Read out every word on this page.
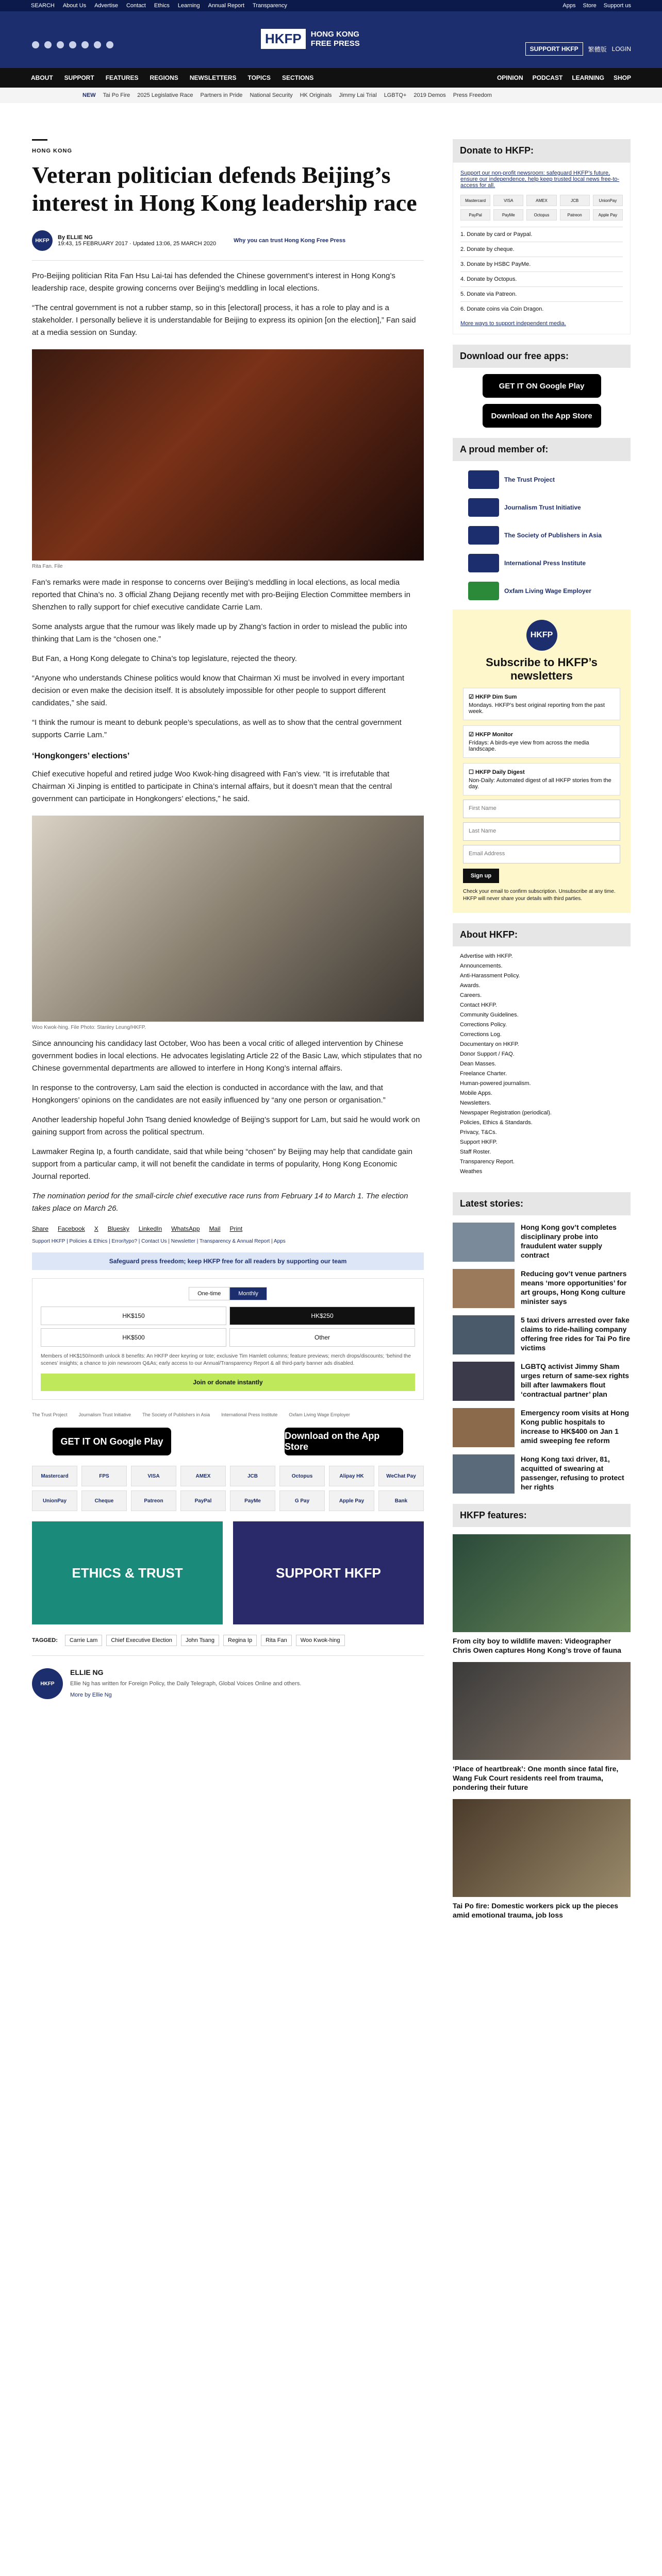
SEARCH About Us Advertise Contact Ethics Learning Annual Report Transparency	Apps Store Support us
HKFP	HONG KONG
FREE PRESS
SUPPORT HKFP	繁體版 LOGIN
ABOUT SUPPORT FEATURES REGIONS NEWSLETTERS TOPICS SECTIONS	OPINION PODCAST LEARNING SHOP
NEW Tai Po Fire 2025 Legislative Race Partners in Pride National Security HK Originals Jimmy Lai Trial LGBTQ+ 2019 Demos Press Freedom
HONG KONG
Veteran politician defends Beijing’s interest in Hong Kong leadership race
HKFP	By ELLIE NG
19:43, 15 FEBRUARY 2017 · Updated 13:06, 25 MARCH 2020	Why you can trust Hong Kong Free Press

Pro-Beijing politician Rita Fan Hsu Lai-tai has defended the Chinese government’s interest in Hong Kong’s leadership race, despite growing concerns over Beijing’s meddling in local elections.

“The central government is not a rubber stamp, so in this [electoral] process, it has a role to play and is a stakeholder. I personally believe it is understandable for Beijing to express its opinion [on the election],” Fan said at a media session on Sunday.

Rita Fan. File

Fan’s remarks were made in response to concerns over Beijing’s meddling in local elections, as local media reported that China’s no. 3 official Zhang Dejiang recently met with pro-Beijing Election Committee members in Shenzhen to rally support for chief executive candidate Carrie Lam.

Some analysts argue that the rumour was likely made up by Zhang’s faction in order to mislead the public into thinking that Lam is the “chosen one.”

But Fan, a Hong Kong delegate to China’s top legislature, rejected the theory.

“Anyone who understands Chinese politics would know that Chairman Xi must be involved in every important decision or even make the decision itself. It is absolutely impossible for other people to support different candidates,” she said.

“I think the rumour is meant to debunk people’s speculations, as well as to show that the central government supports Carrie Lam.”

‘Hongkongers’ elections’

Chief executive hopeful and retired judge Woo Kwok-hing disagreed with Fan’s view. “It is irrefutable that Chairman Xi Jinping is entitled to participate in China’s internal affairs, but it doesn’t mean that the central government can participate in Hongkongers’ elections,” he said.

Woo Kwok-hing. File Photo: Stanley Leung/HKFP.

Since announcing his candidacy last October, Woo has been a vocal critic of alleged intervention by Chinese government bodies in local elections. He advocates legislating Article 22 of the Basic Law, which stipulates that no Chinese governmental departments are allowed to interfere in Hong Kong’s internal affairs.

In response to the controversy, Lam said the election is conducted in accordance with the law, and that Hongkongers’ opinions on the candidates are not easily influenced by “any one person or organisation.”

Another leadership hopeful John Tsang denied knowledge of Beijing’s support for Lam, but said he would work on gaining support from across the political spectrum.

Lawmaker Regina Ip, a fourth candidate, said that while being “chosen” by Beijing may help that candidate gain support from a particular camp, it will not benefit the candidate in terms of popularity, Hong Kong Economic Journal reported.

The nomination period for the small-circle chief executive race runs from February 14 to March 1. The election takes place on March 26.

Share Facebook X Bluesky LinkedIn WhatsApp Mail Print
Support HKFP | Policies & Ethics | Error/typo? | Contact Us | Newsletter | Transparency & Annual Report | Apps
Safeguard press freedom; keep HKFP free for all readers by supporting our team
One-time	Monthly
HK$150	HK$250
HK$500	Other
Members of HK$150/month unlock 8 benefits: An HKFP deer keyring or tote; exclusive Tim Hamlett columns; feature previews; merch drops/discounts; ‘behind the scenes’ insights; a chance to join newsroom Q&As; early access to our Annual/Transparency Report & all third-party banner ads disabled.
Join or donate instantly
The Trust Project Journalism Trust Initiative The Society of Publishers in Asia International Press Institute Oxfam Living Wage Employer
GET IT ON Google Play
Download on the App Store
Mastercard	FPS	VISA	AMEX	JCB	Octopus	Alipay HK	WeChat Pay
UnionPay	Cheque	Patreon	PayPal	PayMe	G Pay	Apple Pay	Bank
ETHICS & TRUST	SUPPORT HKFP
TAGGED:	Carrie Lam	Chief Executive Election	John Tsang	Regina Ip	Rita Fan	Woo Kwok-hing
HKFP
ELLIE NG
Ellie Ng has written for Foreign Policy, the Daily Telegraph, Global Voices Online and others.
More by Ellie Ng
Donate to HKFP:
Support our non-profit newsroom: safeguard HKFP’s future, ensure our independence, help keep trusted local news free-to-access for all.
Mastercard	VISA	AMEX	JCB	UnionPay
PayPal	PayMe	Octopus	Patreon	Apple Pay
1. Donate by card or Paypal.
2. Donate by cheque.
3. Donate by HSBC PayMe.
4. Donate by Octopus.
5. Donate via Patreon.
6. Donate coins via Coin Dragon.
More ways to support independent media.
Download our free apps:
GET IT ON Google Play
Download on the App Store
A proud member of:
The Trust Project
Journalism Trust Initiative
The Society of Publishers in Asia
International Press Institute
Oxfam Living Wage Employer
HKFP
Subscribe to HKFP’s newsletters
☑ HKFP Dim Sum
Mondays. HKFP’s best original reporting from the past week.
☑ HKFP Monitor
Fridays: A birds-eye view from across the media landscape.
☐ HKFP Daily Digest
Non-Daily: Automated digest of all HKFP stories from the day.
First Name
Last Name
Email Address
Sign up
Check your email to confirm subscription. Unsubscribe at any time. HKFP will never share your details with third parties.
About HKFP:
Advertise with HKFP.
Announcements.
Anti-Harassment Policy.
Awards.
Careers.
Contact HKFP.
Community Guidelines.
Corrections Policy.
Corrections Log.
Documentary on HKFP.
Donor Support / FAQ.
Dean Masses.
Freelance Charter.
Human-powered journalism.
Mobile Apps.
Newsletters.
Newspaper Registration (periodical).
Policies, Ethics & Standards.
Privacy, T&Cs.
Support HKFP.
Staff Roster.
Transparency Report.
Weathes
Latest stories:
Hong Kong gov’t completes disciplinary probe into fraudulent water supply contract
Reducing gov’t venue partners means ‘more opportunities’ for art groups, Hong Kong culture minister says
5 taxi drivers arrested over fake claims to ride-hailing company offering free rides for Tai Po fire victims
LGBTQ activist Jimmy Sham urges return of same-sex rights bill after lawmakers flout ‘contractual partner’ plan
Emergency room visits at Hong Kong public hospitals to increase to HK$400 on Jan 1 amid sweeping fee reform
Hong Kong taxi driver, 81, acquitted of swearing at passenger, refusing to protect her rights
HKFP features:
From city boy to wildlife maven: Videographer Chris Owen captures Hong Kong’s trove of fauna
‘Place of heartbreak’: One month since fatal fire, Wang Fuk Court residents reel from trauma, pondering their future
Tai Po fire: Domestic workers pick up the pieces amid emotional trauma, job loss
